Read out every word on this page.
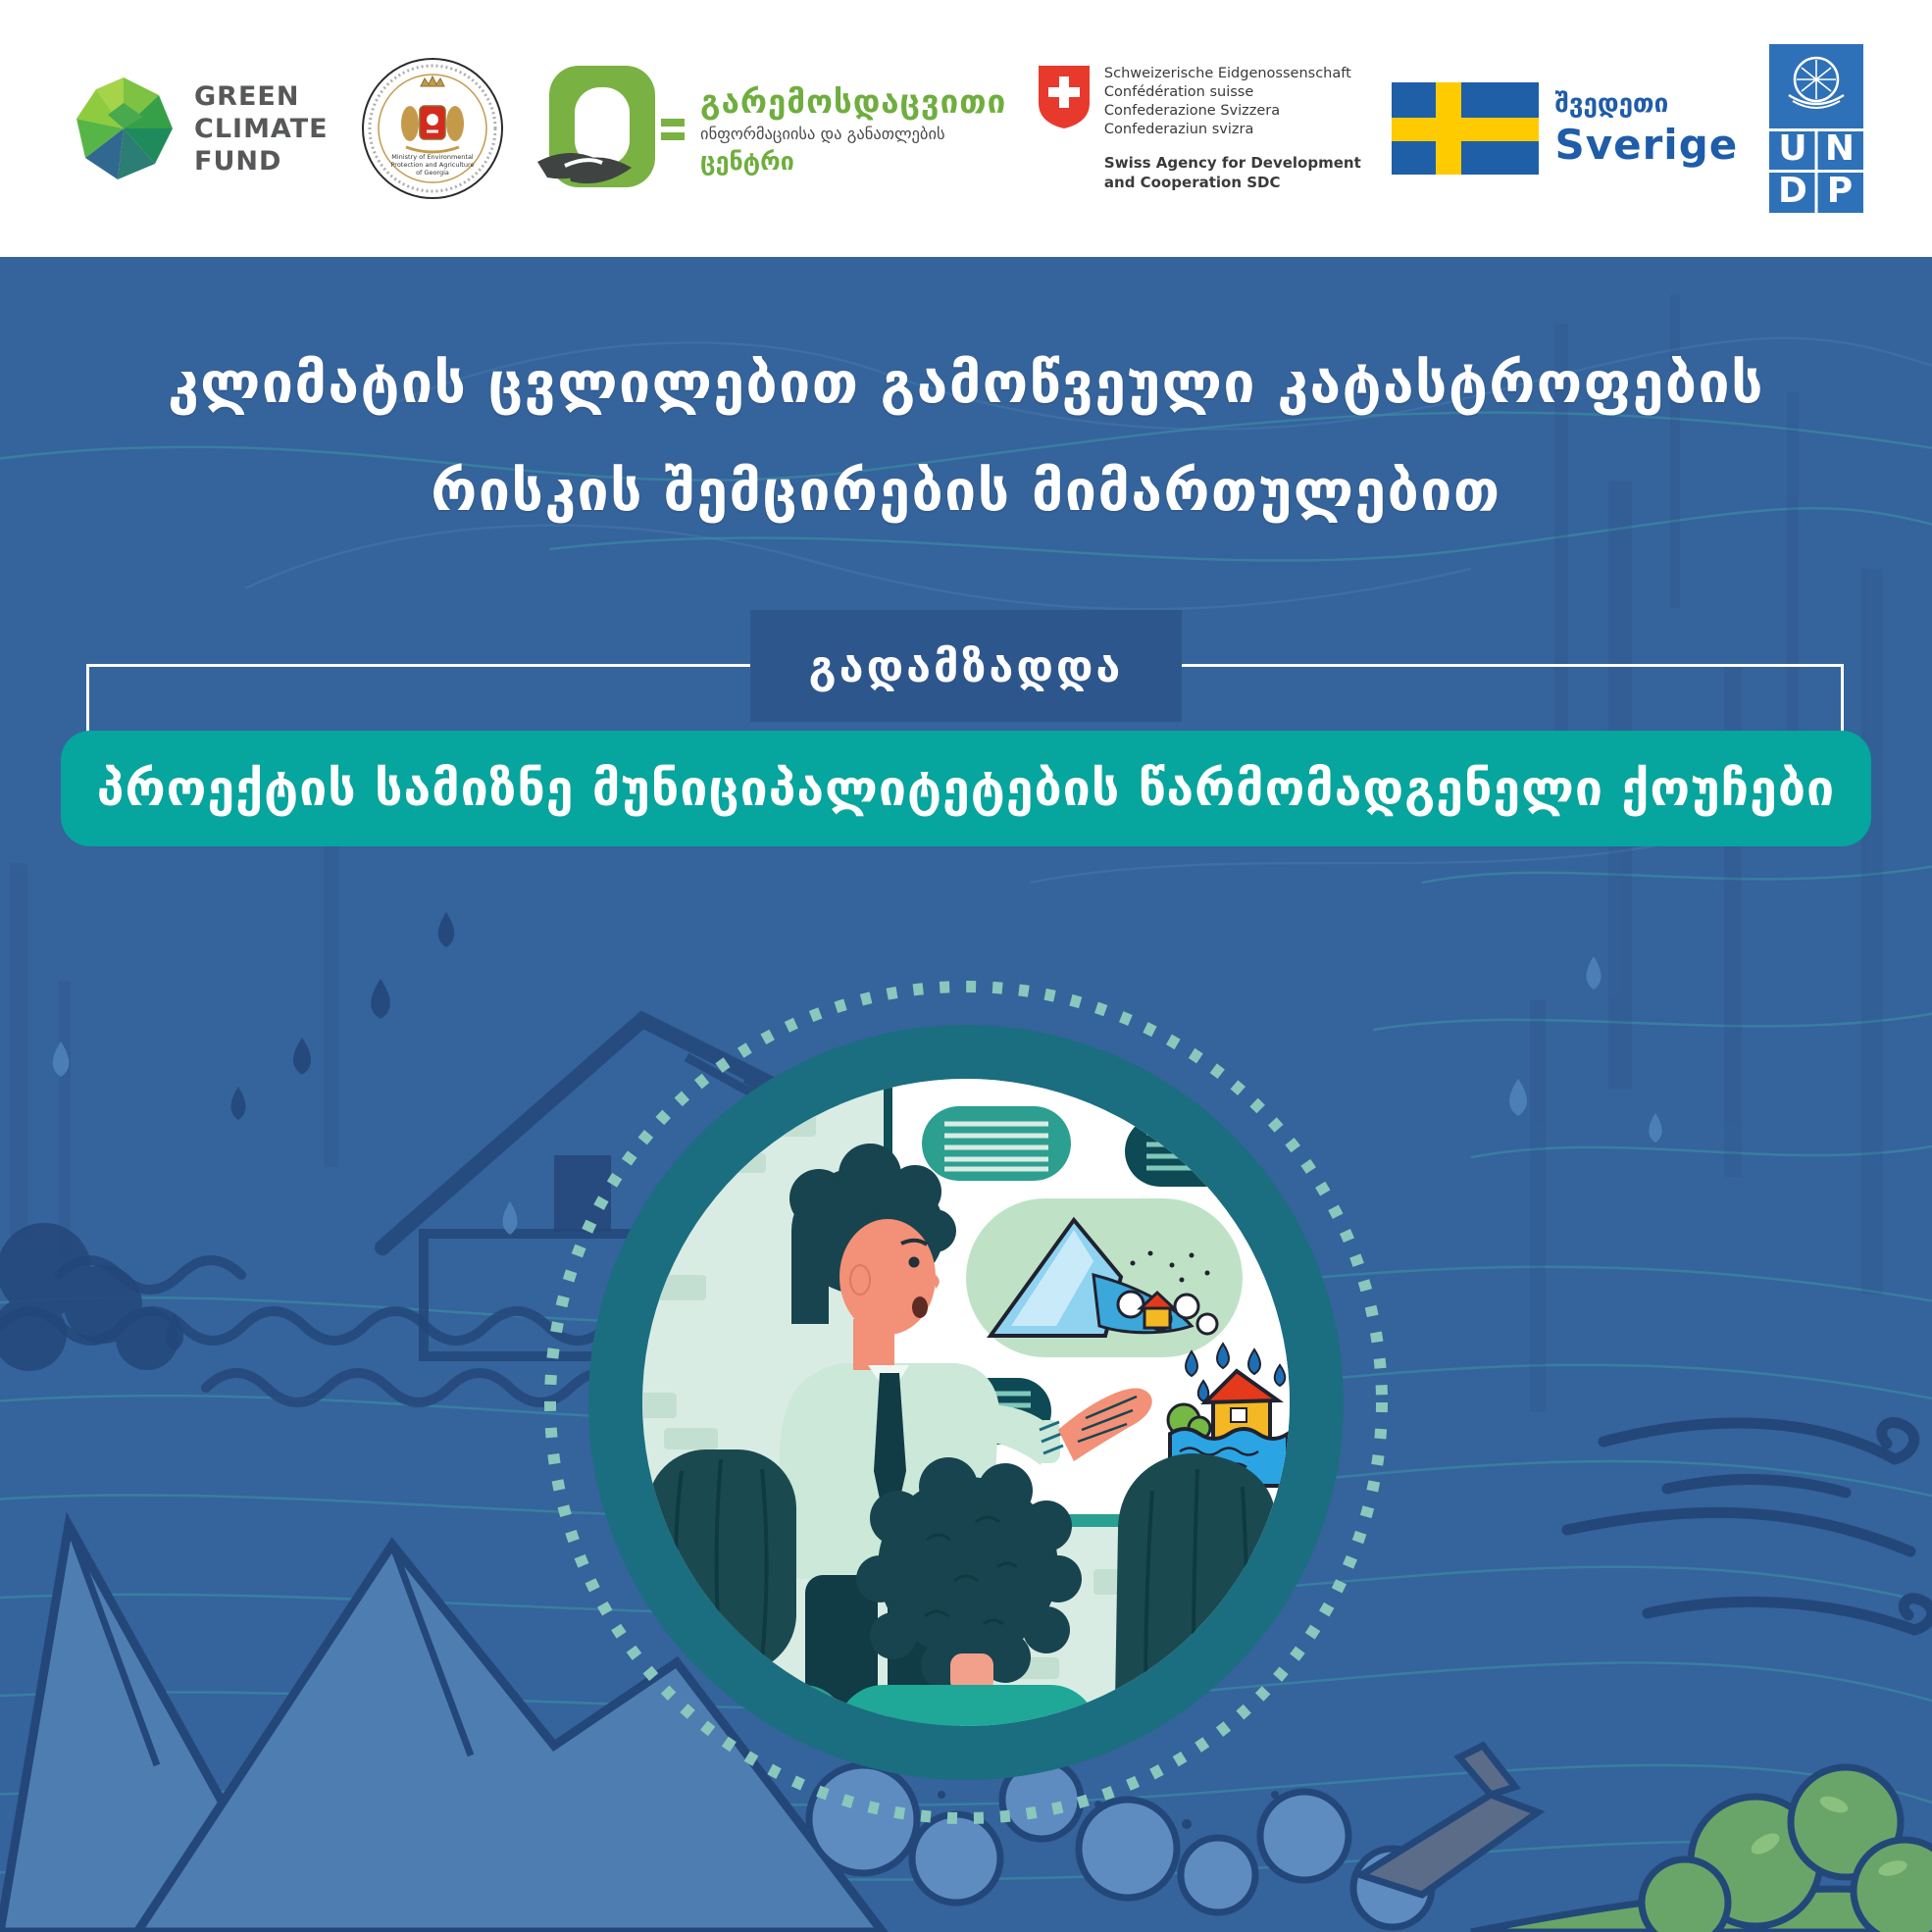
GREEN
CLIMATE
FUND	Ministry of Environmental
Protection and Agriculture
of Georgia
გარემოსდაცვითი
ინფორმაციისა და განათლების
ცენტრი
Schweizerische Eidgenossenschaft
Confédération suisse
Confederazione Svizzera
Confederaziun svizra
Swiss Agency for Development
and Cooperation SDC
შვედეთი
Sverige U N
D P
კლიმატის ცვლილებით გამოწვეული კატასტროფების
რისკის შემცირების მიმართულებით
გადამზადდა
პროექტის სამიზნე მუნიციპალიტეტების წარმომადგენელი ქოუჩები
